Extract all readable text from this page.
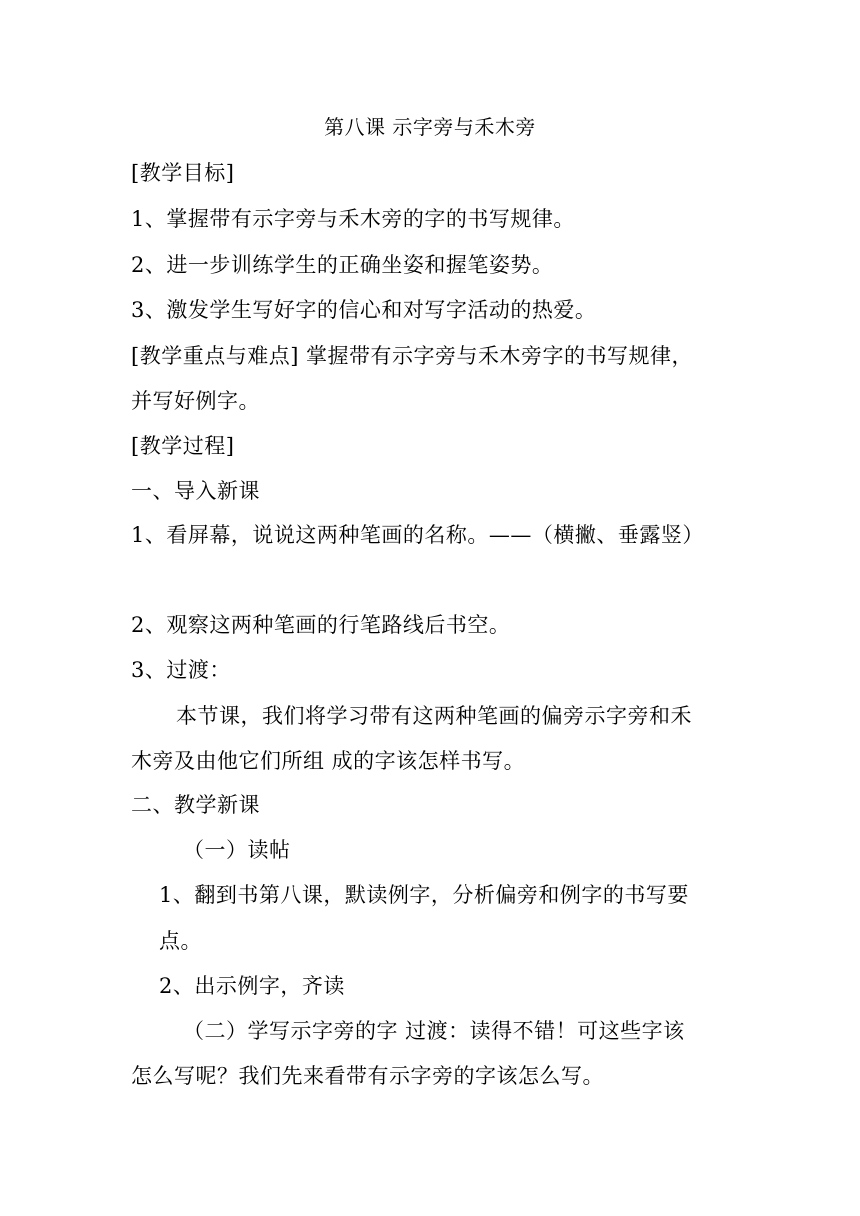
第八课 示字旁与禾木旁
[教学目标]
1、掌握带有示字旁与禾木旁的字的书写规律。
2、进一步训练学生的正确坐姿和握笔姿势。
3、激发学生写好字的信心和对写字活动的热爱。
[教学重点与难点] 掌握带有示字旁与禾木旁字的书写规律，
并写好例字。
[教学过程]
一、导入新课
1、看屏幕，说说这两种笔画的名称。——（横撇、垂露竖）
2、观察这两种笔画的行笔路线后书空。
3、过渡：
本节课，我们将学习带有这两种笔画的偏旁示字旁和禾
木旁及由他它们所组 成的字该怎样书写。
二、教学新课
（一）读帖
1、翻到书第八课，默读例字，分析偏旁和例字的书写要
点。
2、出示例字，齐读
（二）学写示字旁的字 过渡：读得不错！可这些字该
怎么写呢？我们先来看带有示字旁的字该怎么写。
